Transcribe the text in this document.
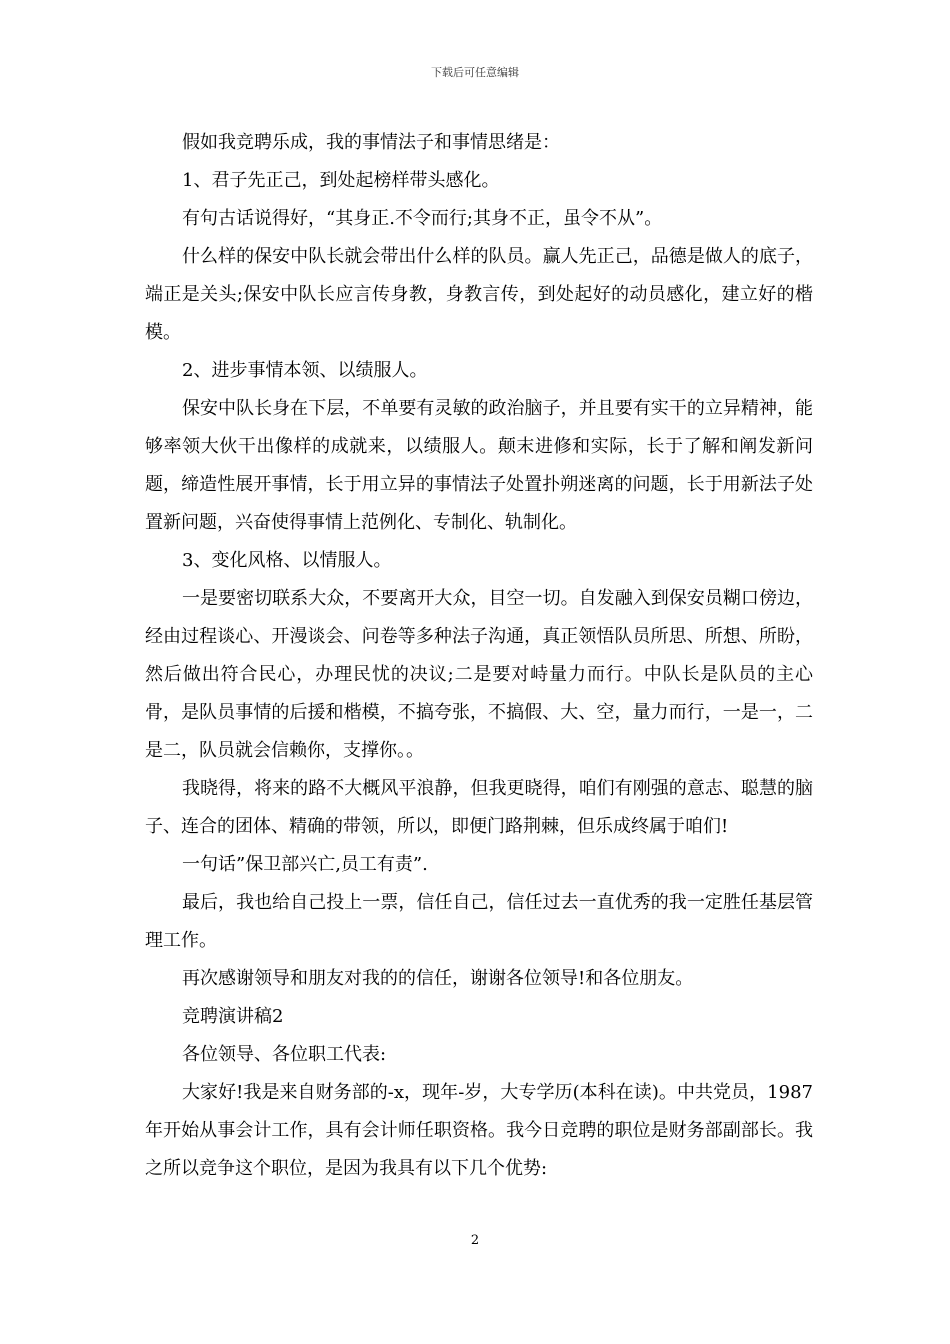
下载后可任意编辑

假如我竞聘乐成，我的事情法子和事情思绪是：

1、君子先正己，到处起榜样带头感化。

有句古话说得好，“其身正.不令而行;其身不正，虽令不从”。

什么样的保安中队长就会带出什么样的队员。赢人先正己，品德是做人的底子，端正是关头;保安中队长应言传身教，身教言传，到处起好的动员感化，建立好的楷模。

2、进步事情本领、以绩服人。

保安中队长身在下层，不单要有灵敏的政治脑子，并且要有实干的立异精神，能够率领大伙干出像样的成就来，以绩服人。颠末进修和实际，长于了解和阐发新问题，缔造性展开事情，长于用立异的事情法子处置扑朔迷离的问题，长于用新法子处置新问题，兴奋使得事情上范例化、专制化、轨制化。

3、变化风格、以情服人。

一是要密切联系大众，不要离开大众，目空一切。自发融入到保安员糊口傍边，经由过程谈心、开漫谈会、问卷等多种法子沟通，真正领悟队员所思、所想、所盼，然后做出符合民心，办理民忧的决议;二是要对峙量力而行。中队长是队员的主心骨，是队员事情的后援和楷模，不搞夸张，不搞假、大、空，量力而行，一是一，二是二，队员就会信赖你，支撑你。。

我晓得，将来的路不大概风平浪静，但我更晓得，咱们有刚强的意志、聪慧的脑子、连合的团体、精确的带领，所以，即便门路荆棘，但乐成终属于咱们!

一句话”保卫部兴亡,员工有责”.

最后，我也给自己投上一票，信任自己，信任过去一直优秀的我一定胜任基层管理工作。

再次感谢领导和朋友对我的的信任，谢谢各位领导!和各位朋友。

竞聘演讲稿2

各位领导、各位职工代表:

大家好!我是来自财务部的-x，现年-岁，大专学历(本科在读)。中共党员，1987年开始从事会计工作，具有会计师任职资格。我今日竞聘的职位是财务部副部长。我之所以竞争这个职位，是因为我具有以下几个优势:

2
